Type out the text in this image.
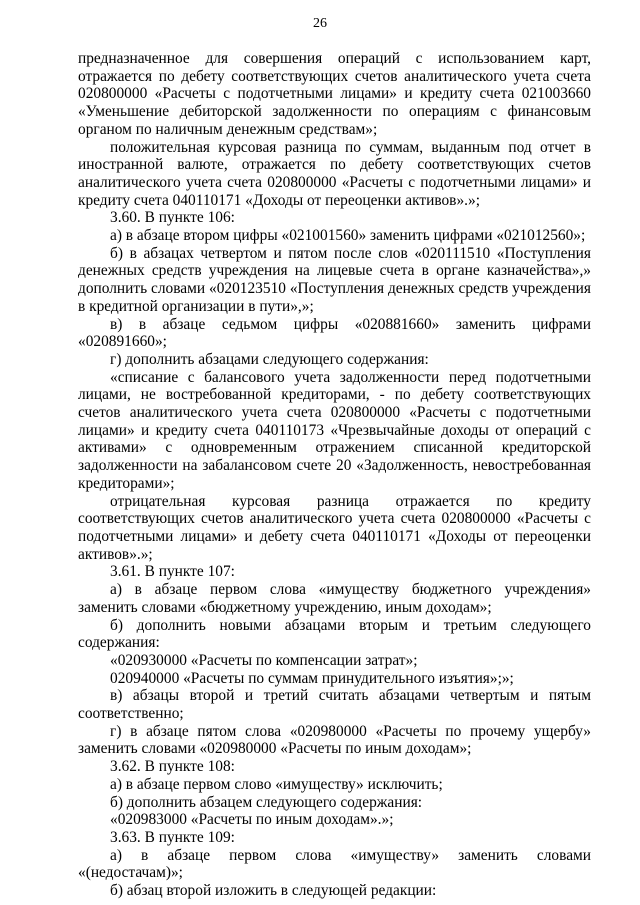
26

предназначенное для совершения операций с использованием карт, отражается по дебету соответствующих счетов аналитического учета счета 020800000 «Расчеты с подотчетными лицами» и кредиту счета 021003660 «Уменьшение дебиторской задолженности по операциям с финансовым органом по наличным денежным средствам»;

положительная курсовая разница по суммам, выданным под отчет в иностранной валюте, отражается по дебету соответствующих счетов аналитического учета счета 020800000 «Расчеты с подотчетными лицами» и кредиту счета 040110171 «Доходы от переоценки активов».»;

3.60. В пункте 106:

а) в абзаце втором цифры «021001560» заменить цифрами «021012560»;

б) в абзацах четвертом и пятом после слов «020111510 «Поступления денежных средств учреждения на лицевые счета в органе казначейства»,» дополнить словами «020123510 «Поступления денежных средств учреждения в кредитной организации в пути»,»;

в) в абзаце седьмом цифры «020881660» заменить цифрами «020891660»;

г) дополнить абзацами следующего содержания:

«списание с балансового учета задолженности перед подотчетными лицами, не востребованной кредиторами, - по дебету соответствующих счетов аналитического учета счета 020800000 «Расчеты с подотчетными лицами» и кредиту счета 040110173 «Чрезвычайные доходы от операций с активами» с одновременным отражением списанной кредиторской задолженности на забалансовом счете 20 «Задолженность, невостребованная кредиторами»;

отрицательная курсовая разница отражается по кредиту соответствующих счетов аналитического учета счета 020800000 «Расчеты с подотчетными лицами» и дебету счета 040110171 «Доходы от переоценки активов».»;

3.61. В пункте 107:

а) в абзаце первом слова «имуществу бюджетного учреждения» заменить словами «бюджетному учреждению, иным доходам»;

б) дополнить новыми абзацами вторым и третьим следующего содержания:

«020930000 «Расчеты по компенсации затрат»;

020940000 «Расчеты по суммам принудительного изъятия»;»;

в) абзацы второй и третий считать абзацами четвертым и пятым соответственно;

г) в абзаце пятом слова «020980000 «Расчеты по прочему ущербу» заменить словами «020980000 «Расчеты по иным доходам»;

3.62. В пункте 108:

а) в абзаце первом слово «имуществу» исключить;

б) дополнить абзацем следующего содержания:

«020983000 «Расчеты по иным доходам».»;

3.63. В пункте 109:

а) в абзаце первом слова «имуществу» заменить словами «(недостачам)»;

б) абзац второй изложить в следующей редакции:
